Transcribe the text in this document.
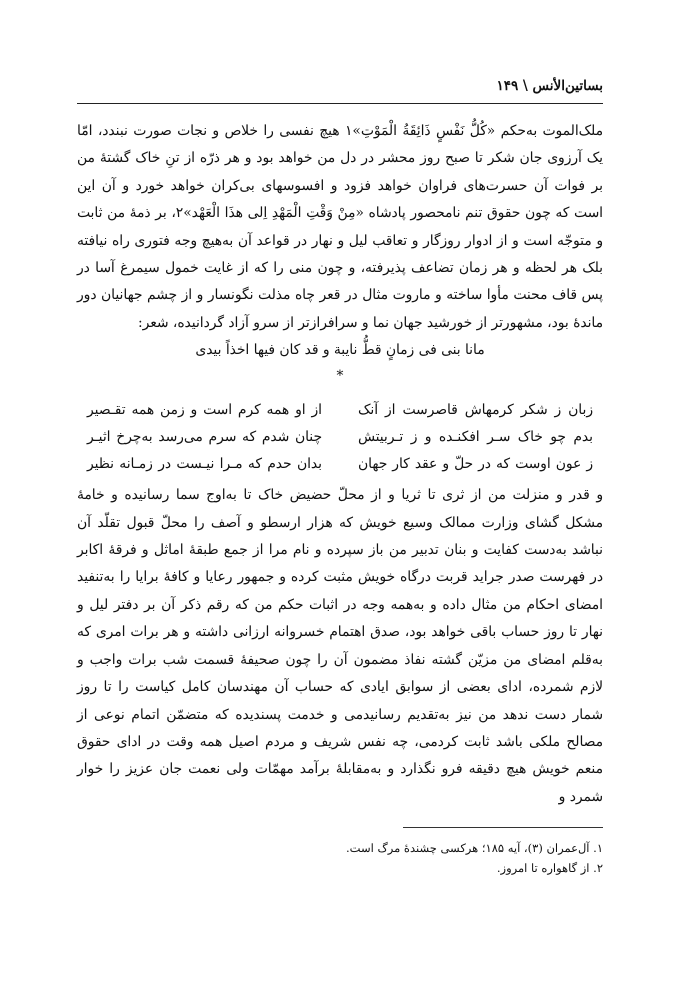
بساتین‌الأنس \ ۱۴۹

ملک‌الموت به‌حکم «كُلُّ نَفْسٍ ذَائِقَةُ الْمَوْتِ»۱ هیچ نفسی را خلاص و نجات صورت نبندد، امّا یک آرزوی جان شکر تا صبح روز محشر در دل من خواهد بود و هر ذرّه از تنِ خاک گشتهٔ من بر فوات آن حسرت‌های فراوان خواهد فزود و افسوسهای بی‌کران خواهد خورد و آن این است که چون حقوق تنم نامحصور پادشاه «مِنْ وَقْتِ الْمَهْدِ اِلى هذَا الْعَهْد»۲، بر ذمهٔ من ثابت و متوجّه است و از ادوار روزگار و تعاقب لیل و نهار در قواعد آن به‌هیچ وجه فتوری راه نیافته بلک هر لحظه و هر زمان تضاعف پذیرفته، و چون منی را که از غایت خمول سیمرغ آسا در پس قاف محنت مأوا ساخته و ماروت مثال در قعر چاه مذلت نگونسار و از چشم جهانیان دور ماندهٔ بود، مشهورتر از خورشید جهان نما و سرافرازتر از سرو آزاد گردانیده، شعر:

مانا بنی فی زمانٍ قطُّ نایبة و قد کان فیها اخذاً بیدی

*

زبان ز شکر کرمهاش قاصرست از آنک
از او همه کرم است و زمن همه تقـصیر
بدم چو خاک سـر افکنـده و ز تـربیتش
چنان شدم که سرم می‌رسد به‌چرخ اثیـر
ز عون اوست که در حلّ و عقد کار جهان
بدان حدم که مـرا نیـست در زمـانه نظیر

و قدر و منزلت من از ثری تا ثریا و از محلّ حضیض خاک تا به‌اوج سما رسانیده و خامهٔ مشکل گشای وزارت ممالک وسیع خویش که هزار ارسطو و آصف را محلّ قبول تقلّد آن نباشد به‌دست کفایت و بنان تدبیر من باز سپرده و نام مرا از جمع طبقهٔ اماثل و فرقهٔ اکابر در فهرست صدر جراید قربت درگاه خویش مثبت کرده و جمهور رعایا و کافهٔ برایا را به‌تنفید امضای احکام من مثال داده و به‌همه وجه در اثبات حکم من که رقم ذکر آن بر دفتر لیل و نهار تا روز حساب باقی خواهد بود، صدق اهتمام خسروانه ارزانی داشته و هر برات امری که به‌قلم امضای من مزیّن گشته نفاذ مضمون آن را چون صحیفهٔ قسمت شب برات واجب و لازم شمرده، ادای بعضی از سوابق ایادی که حساب آن مهندسان کامل کیاست را تا روز شمار دست ندهد من نیز به‌تقدیم رسانیدمی و خدمت پسندیده که متضمّن اتمام نوعی از مصالح ملکی باشد ثابت کردمی، چه نفس شریف و مردم اصیل همه وقت در ادای حقوق منعم خویش هیچ دقیقه فرو نگذارد و به‌مقابلهٔ برآمد مهمّات ولی نعمت جان عزیز را خوار شمرد و

۱. آل‌عمران (۳)، آیه ۱۸۵؛ هرکسی چشندهٔ مرگ است.

۲. از گاهواره تا امروز.
